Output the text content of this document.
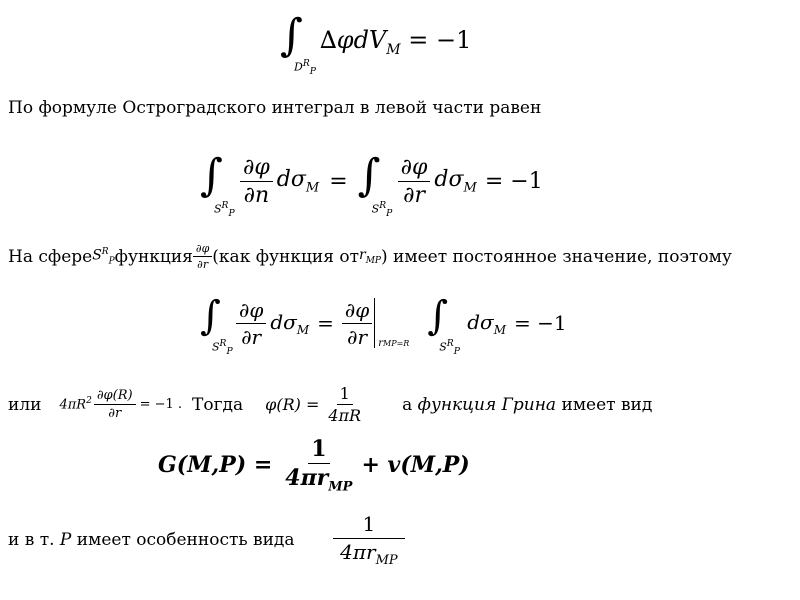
∫
$D^R_P$
∆φdV$_M$ = −1
По формуле Остроградского интеграл в левой части равен
∫
$S^R_P$
$\frac{\partial\varphi}{\partial n} d\sigma_M$ = ∫
$S^R_P$
$\frac{\partial\varphi}{\partial r} d\sigma_M = -1$
На сфере $S^R_P$ функция $\frac{\partial\varphi}{\partial r} (как$ функция от $r_{MP}$ ) имеет постоянное значение, поэтому
∫
$S^R_P$
$\frac{\partial\varphi}{\partial r} d\sigma_M = \frac{\partial\varphi}{\partial r} rMP=R$
∫
$S^R_P$
$d\sigma_M = -1$
или $4\pi R^2 \frac{\partial\varphi(R)}{\partial r} = -1$ . Тогда $\varphi(R) = \frac{1}{4\pi R}$ а функция Грина имеет вид
$G(M,P) = \frac{1}{4\pi r_{MP}} + v(M,P)$
и в т. P имеет особенность вида $\frac{1}{4\pi r_{MP}}$
